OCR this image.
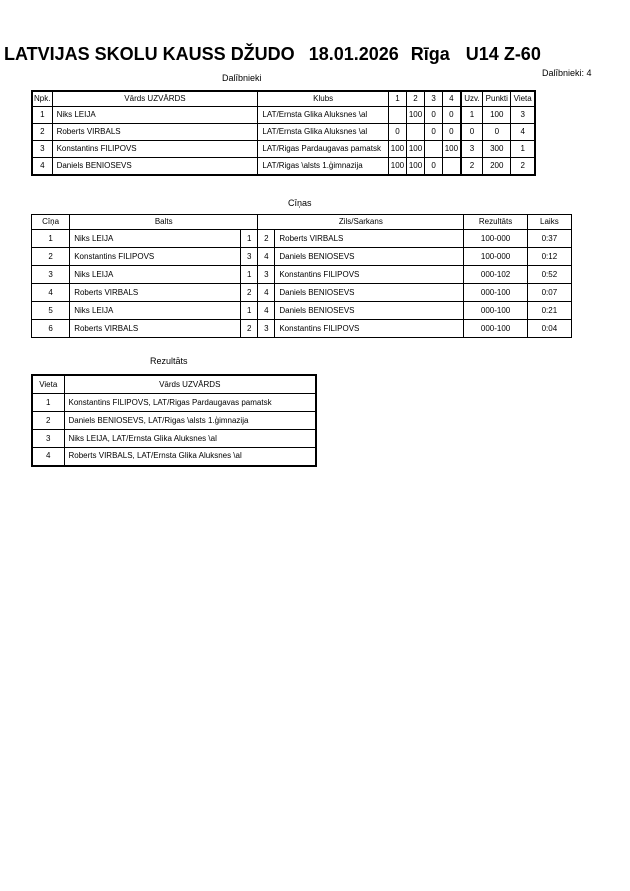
LATVIJAS SKOLU KAUSS DŽUDO 18.01.2026 Rīga U14 Z-60
Dalībnieki: 4
Dalībnieki
Npk.	Vārds UZVĀRDS	Klubs	1	2	3	4	Uzv.	Punkti	Vieta
1	Niks LEIJA	LAT/Ernsta Glika Aluksnes \al		100	0	0	1	100	3
2	Roberts VIRBALS	LAT/Ernsta Glika Aluksnes \al	0		0	0	0	0	4
3	Konstantins FILIPOVS	LAT/Rigas Pardaugavas pamatsk	100	100		100	3	300	1
4	Daniels BENIOSEVS	LAT/Rigas \alsts 1.ģimnazija	100	100	0		2	200	2
Cīņas
Cīņa	Balts		Zils/Sarkans		Rezultāts	Laiks
1	Niks LEIJA	1	2	Roberts VIRBALS	100-000	0:37
2	Konstantins FILIPOVS	3	4	Daniels BENIOSEVS	100-000	0:12
3	Niks LEIJA	1	3	Konstantins FILIPOVS	000-102	0:52
4	Roberts VIRBALS	2	4	Daniels BENIOSEVS	000-100	0:07
5	Niks LEIJA	1	4	Daniels BENIOSEVS	000-100	0:21
6	Roberts VIRBALS	2	3	Konstantins FILIPOVS	000-100	0:04
Rezultāts
Vieta	Vārds UZVĀRDS
1	Konstantins FILIPOVS, LAT/Rigas Pardaugavas pamatsk
2	Daniels BENIOSEVS, LAT/Rigas \alsts 1.ģimnazija
3	Niks LEIJA, LAT/Ernsta Glika Aluksnes \al
4	Roberts VIRBALS, LAT/Ernsta Glika Aluksnes \al
